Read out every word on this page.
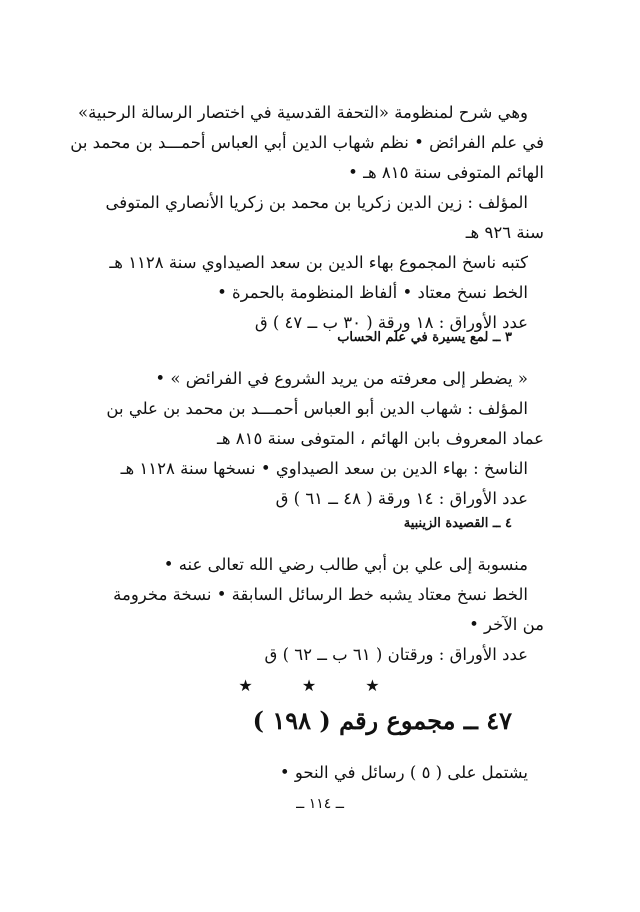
وهي شرح لمنظومة «التحفة القدسية في اختصار الرسالة الرحبية»
في علم الفرائض • نظم شهاب الدين أبي العباس أحمـــد بن محمد بن
الهائم المتوفى سنة ٨١٥ هـ •
المؤلف : زين الدين زكريا بن محمد بن زكريا الأنصاري المتوفى
سنة ٩٢٦ هـ
كتبه ناسخ المجموع بهاء الدين بن سعد الصيداوي سنة ١١٢٨ هـ
الخط نسخ معتاد • ألفاظ المنظومة بالحمرة •
عدد الأوراق : ١٨ ورقة ( ٣٠ ب ــ ٤٧ ) ق
٣ ــ لمع يسيرة في علم الحساب
« يضطر إلى معرفته من يريد الشروع في الفرائض » •
المؤلف : شهاب الدين أبو العباس أحمـــد بن محمد بن علي بن
عماد المعروف بابن الهائم ، المتوفى سنة ٨١٥ هـ
الناسخ : بهاء الدين بن سعد الصيداوي • نسخها سنة ١١٢٨ هـ
عدد الأوراق : ١٤ ورقة ( ٤٨ ــ ٦١ ) ق
٤ ــ القصيدة الزينبية
منسوبة إلى علي بن أبي طالب رضي الله تعالى عنه •
الخط نسخ معتاد يشبه خط الرسائل السابقة • نسخة مخرومة
من الآخر •
عدد الأوراق : ورقتان ( ٦١ ب ــ ٦٢ ) ق
★ ★ ★
٤٧ ــ مجموع رقم ( ١٩٨ )
يشتمل على ( ٥ ) رسائل في النحو •
ــ ١١٤ ــ
